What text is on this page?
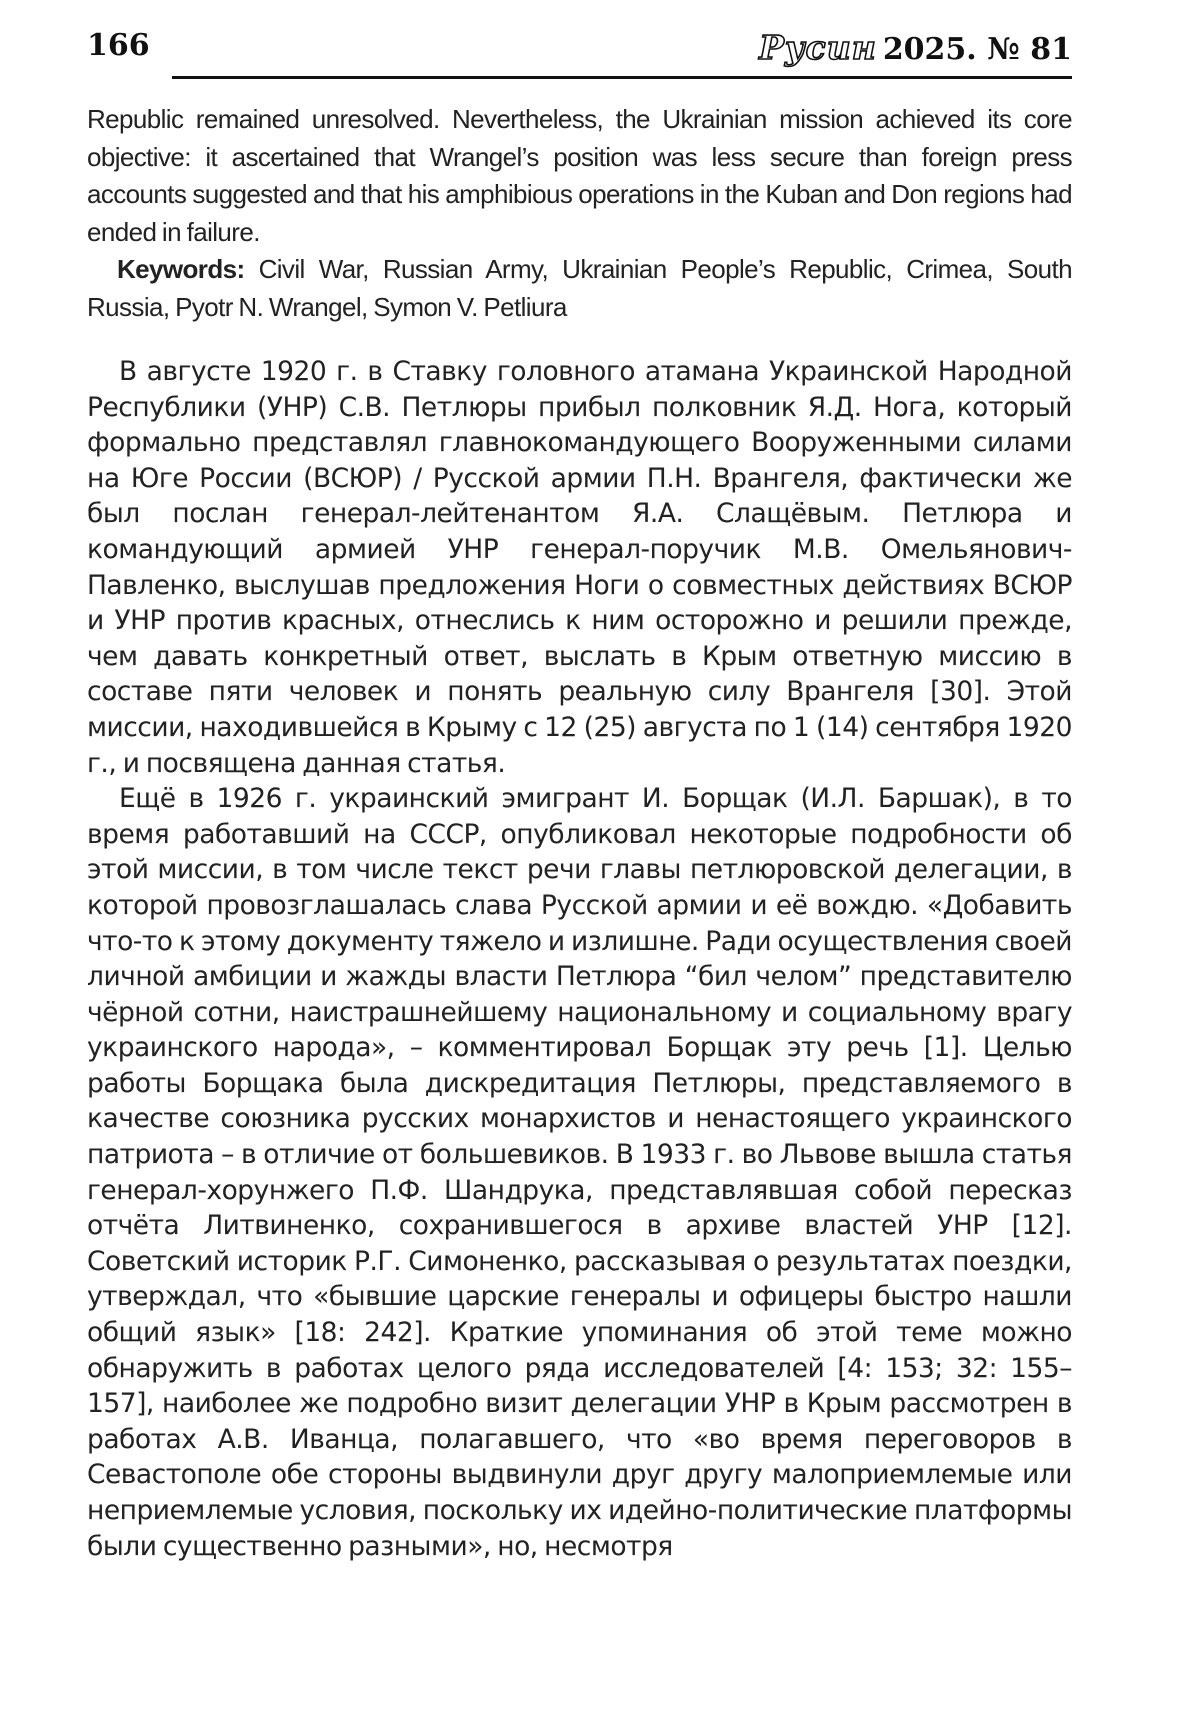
166	Русин 2025. № 81

Republic remained unresolved. Nevertheless, the Ukrainian mission achieved its core objective: it ascertained that Wrangel’s position was less secure than foreign press accounts suggested and that his amphibious operations in the Kuban and Don regions had ended in failure.

Keywords: Civil War, Russian Army, Ukrainian People’s Republic, Crimea, South Russia, Pyotr N. Wrangel, Symon V. Petliura

В августе 1920 г. в Ставку головного атамана Украинской Народной Республики (УНР) С.В. Петлюры прибыл полковник Я.Д. Нога, который формально представлял главнокомандующего Вооруженными силами на Юге России (ВСЮР) / Русской армии П.Н. Врангеля, фактически же был послан генерал-лейтенантом Я.А. Слащёвым. Петлюра и командующий армией УНР генерал-поручик М.В. Омельянович-Павленко, выслушав предложения Ноги о совместных действиях ВСЮР и УНР против красных, отнеслись к ним осторожно и решили прежде, чем давать конкретный ответ, выслать в Крым ответную миссию в составе пяти человек и понять реальную силу Врангеля [30]. Этой миссии, находившейся в Крыму с 12 (25) августа по 1 (14) сентября 1920 г., и посвящена данная статья.

Ещё в 1926 г. украинский эмигрант И. Борщак (И.Л. Баршак), в то время работавший на СССР, опубликовал некоторые подробности об этой миссии, в том числе текст речи главы петлюровской делегации, в которой провозглашалась слава Русской армии и её вождю. «Добавить что-то к этому документу тяжело и излишне. Ради осуществления своей личной амбиции и жажды власти Петлюра “бил челом” представителю чёрной сотни, наистрашнейшему национальному и социальному врагу украинского народа», – комментировал Борщак эту речь [1]. Целью работы Борщака была дискредитация Петлюры, представляемого в качестве союзника русских монархистов и ненастоящего украинского патриота – в отличие от большевиков. В 1933 г. во Львове вышла статья генерал-хорунжего П.Ф. Шандрука, представлявшая собой пересказ отчёта Литвиненко, сохранившегося в архиве властей УНР [12]. Советский историк Р.Г. Симоненко, рассказывая о результатах поездки, утверждал, что «бывшие царские генералы и офицеры быстро нашли общий язык» [18: 242]. Краткие упоминания об этой теме можно обнаружить в работах целого ряда исследователей [4: 153; 32: 155–157], наиболее же подробно визит делегации УНР в Крым рассмотрен в работах А.В. Иванца, полагавшего, что «во время переговоров в Севастополе обе стороны выдвинули друг другу малоприемлемые или неприемлемые условия, поскольку их идейно-политические платформы были существенно разными», но, несмотря
